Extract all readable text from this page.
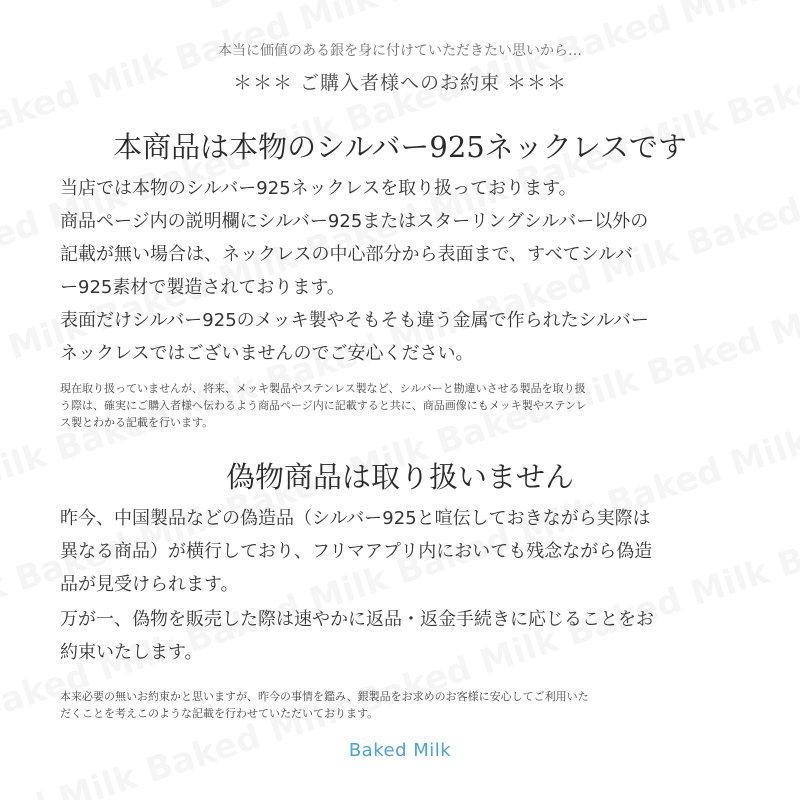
本当に価値のある銀を身に付けていただきたい思いから…
＊＊＊ ご購入者様へのお約束 ＊＊＊
本商品は本物のシルバー925ネックレスです

当店では本物のシルバー925ネックレスを取り扱っております。

商品ページ内の説明欄にシルバー925またはスターリングシルバー以外の

記載が無い場合は、ネックレスの中心部分から表面まで、すべてシルバ

ー925素材で製造されております。

表面だけシルバー925のメッキ製やそもそも違う金属で作られたシルバー

ネックレスではございませんのでご安心ください。

現在取り扱っていませんが、将来、メッキ製品やステンレス製など、シルバーと勘違いさせる製品を取り扱

う際は、確実にご購入者様へ伝わるよう商品ページ内に記載すると共に、商品画像にもメッキ製やステンレ

ス製とわかる記載を行います。

偽物商品は取り扱いません

昨今、中国製品などの偽造品（シルバー925と喧伝しておきながら実際は

異なる商品）が横行しており、フリマアプリ内においても残念ながら偽造

品が見受けられます。

万が一、偽物を販売した際は速やかに返品・返金手続きに応じることをお

約束いたします。

本来必要の無いお約束かと思いますが、昨今の事情を鑑み、銀製品をお求めのお客様に安心してご利用いた

だくことを考えこのような記載を行わせていただいております。

Baked Milk
